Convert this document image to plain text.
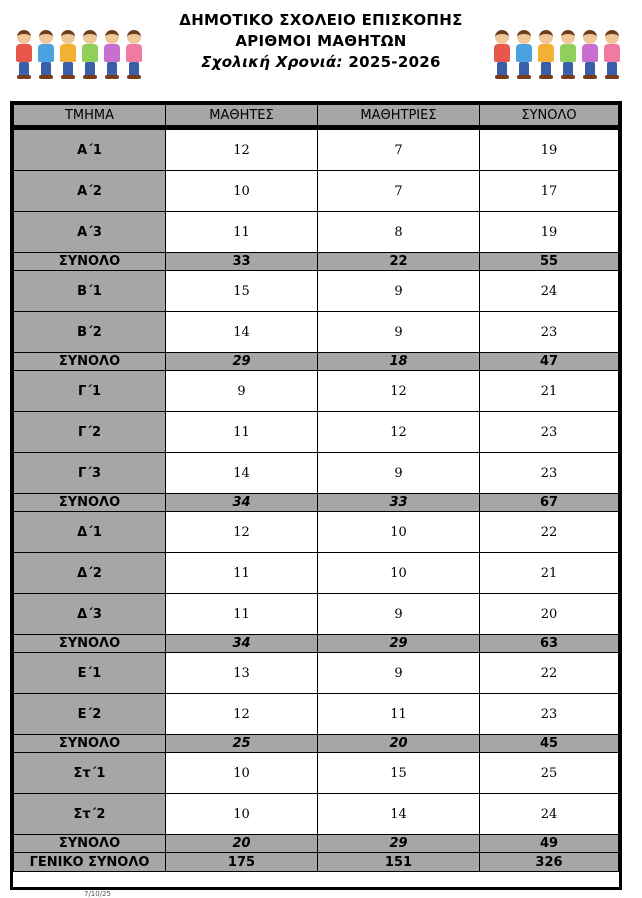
ΔΗΜΟΤΙΚΟ ΣΧΟΛΕΙΟ ΕΠΙΣΚΟΠΗΣ
ΑΡΙΘΜΟΙ ΜΑΘΗΤΩΝ
Σχολική Χρονιά: 2025-2026
ΤΜΗΜΑ	ΜΑΘΗΤΕΣ	ΜΑΘΗΤΡΙΕΣ	ΣΥΝΟΛΟ
Α΄1	12	7	19
Α΄2	10	7	17
Α΄3	11	8	19
ΣΥΝΟΛΟ	33	22	55
Β΄1	15	9	24
Β΄2	14	9	23
ΣΥΝΟΛΟ	29	18	47
Γ΄1	9	12	21
Γ΄2	11	12	23
Γ΄3	14	9	23
ΣΥΝΟΛΟ	34	33	67
Δ΄1	12	10	22
Δ΄2	11	10	21
Δ΄3	11	9	20
ΣΥΝΟΛΟ	34	29	63
Ε΄1	13	9	22
Ε΄2	12	11	23
ΣΥΝΟΛΟ	25	20	45
Στ΄1	10	15	25
Στ΄2	10	14	24
ΣΥΝΟΛΟ	20	29	49
ΓΕΝΙΚΟ ΣΥΝΟΛΟ	175	151	326
7/10/25
